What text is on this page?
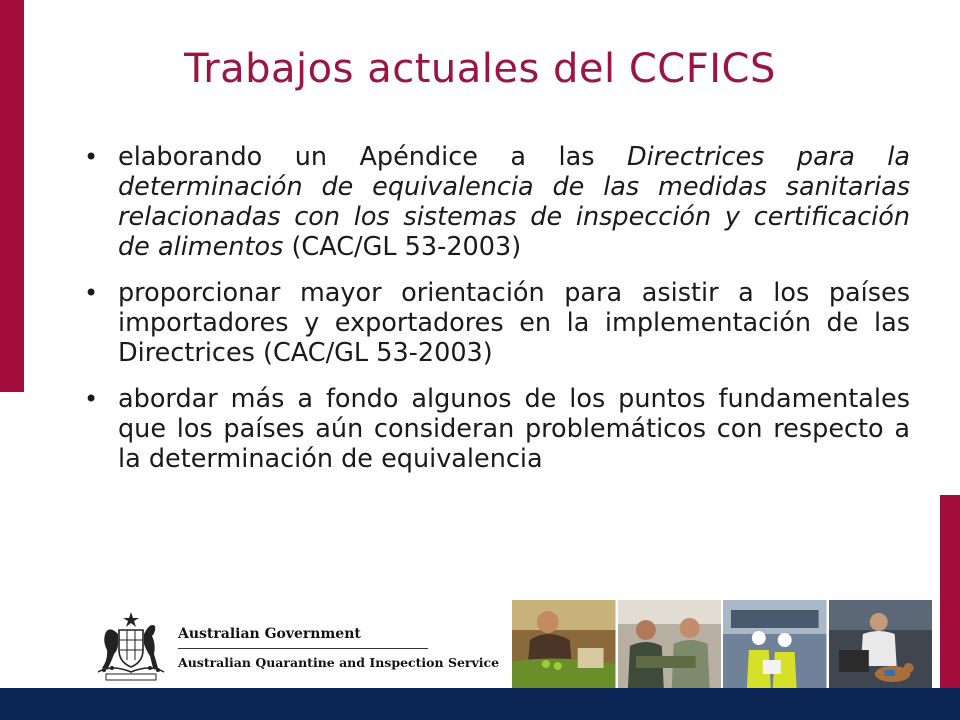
Trabajos actuales del CCFICS
• elaborando un Apéndice a las Directrices para la determinación de equivalencia de las medidas sanitarias relacionadas con los sistemas de inspección y certificación de alimentos (CAC/GL 53-2003)
• proporcionar mayor orientación para asistir a los países importadores y exportadores en la implementación de las Directrices (CAC/GL 53-2003)
• abordar más a fondo algunos de los puntos fundamentales que los países aún consideran problemáticos con respecto a la determinación de equivalencia
Australian Government
Australian Quarantine and Inspection Service
